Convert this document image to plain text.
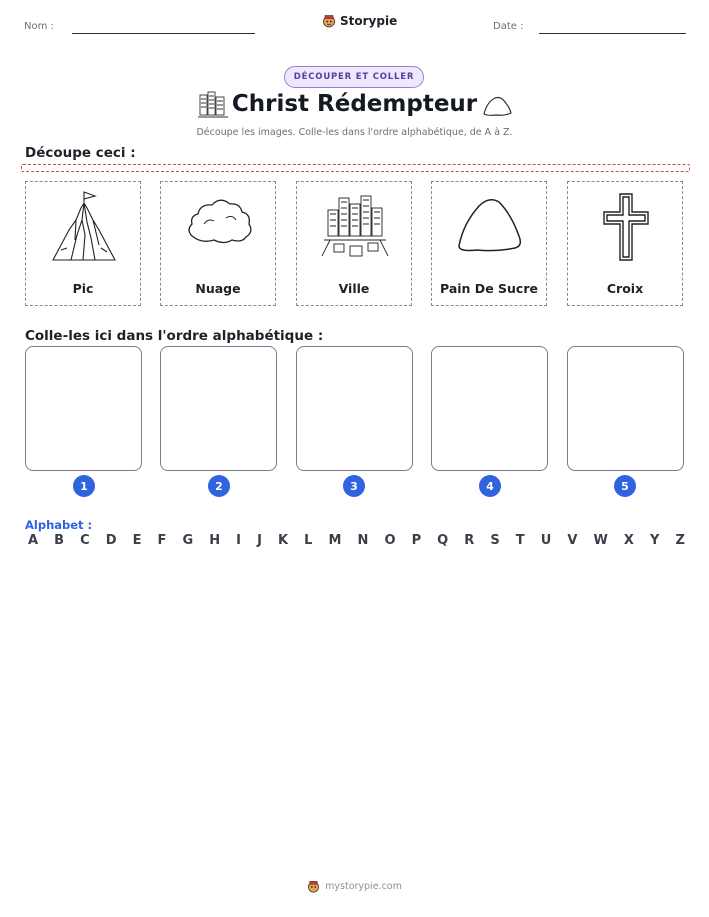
Nom :	Storypie	Date :
DÉCOUPER ET COLLER
Christ Rédempteur
Découpe les images. Colle-les dans l'ordre alphabétique, de A à Z.
Découpe ceci :
Pic	Nuage	Ville	Pain De Sucre	Croix
Colle-les ici dans l'ordre alphabétique :
1	2	3	4	5
Alphabet :
A B C D E F G H I J K L M N O P Q R S T U V W X Y Z
mystorypie.com
